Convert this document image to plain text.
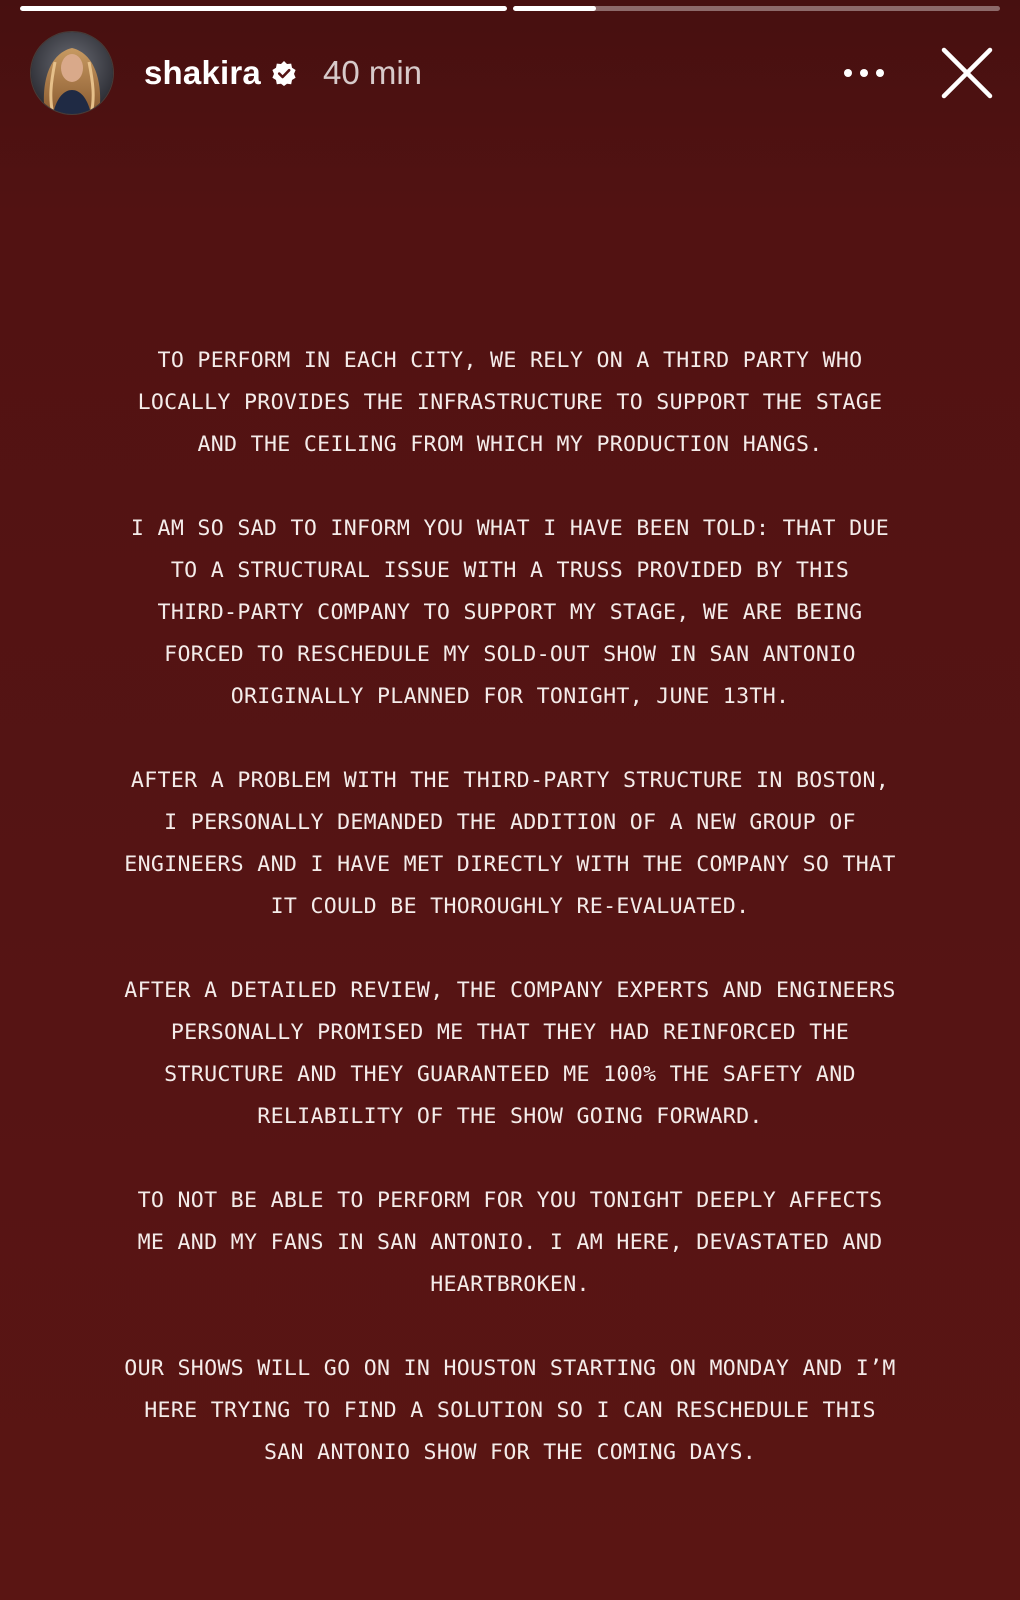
shakira 40 min
TO PERFORM IN EACH CITY, WE RELY ON A THIRD PARTY WHO
LOCALLY PROVIDES THE INFRASTRUCTURE TO SUPPORT THE STAGE
AND THE CEILING FROM WHICH MY PRODUCTION HANGS.
I AM SO SAD TO INFORM YOU WHAT I HAVE BEEN TOLD: THAT DUE
TO A STRUCTURAL ISSUE WITH A TRUSS PROVIDED BY THIS
THIRD-PARTY COMPANY TO SUPPORT MY STAGE, WE ARE BEING
FORCED TO RESCHEDULE MY SOLD-OUT SHOW IN SAN ANTONIO
ORIGINALLY PLANNED FOR TONIGHT, JUNE 13TH.
AFTER A PROBLEM WITH THE THIRD-PARTY STRUCTURE IN BOSTON,
I PERSONALLY DEMANDED THE ADDITION OF A NEW GROUP OF
ENGINEERS AND I HAVE MET DIRECTLY WITH THE COMPANY SO THAT
IT COULD BE THOROUGHLY RE-EVALUATED.
AFTER A DETAILED REVIEW, THE COMPANY EXPERTS AND ENGINEERS
PERSONALLY PROMISED ME THAT THEY HAD REINFORCED THE
STRUCTURE AND THEY GUARANTEED ME 100% THE SAFETY AND
RELIABILITY OF THE SHOW GOING FORWARD.
TO NOT BE ABLE TO PERFORM FOR YOU TONIGHT DEEPLY AFFECTS
ME AND MY FANS IN SAN ANTONIO. I AM HERE, DEVASTATED AND
HEARTBROKEN.
OUR SHOWS WILL GO ON IN HOUSTON STARTING ON MONDAY AND I’M
HERE TRYING TO FIND A SOLUTION SO I CAN RESCHEDULE THIS
SAN ANTONIO SHOW FOR THE COMING DAYS.
